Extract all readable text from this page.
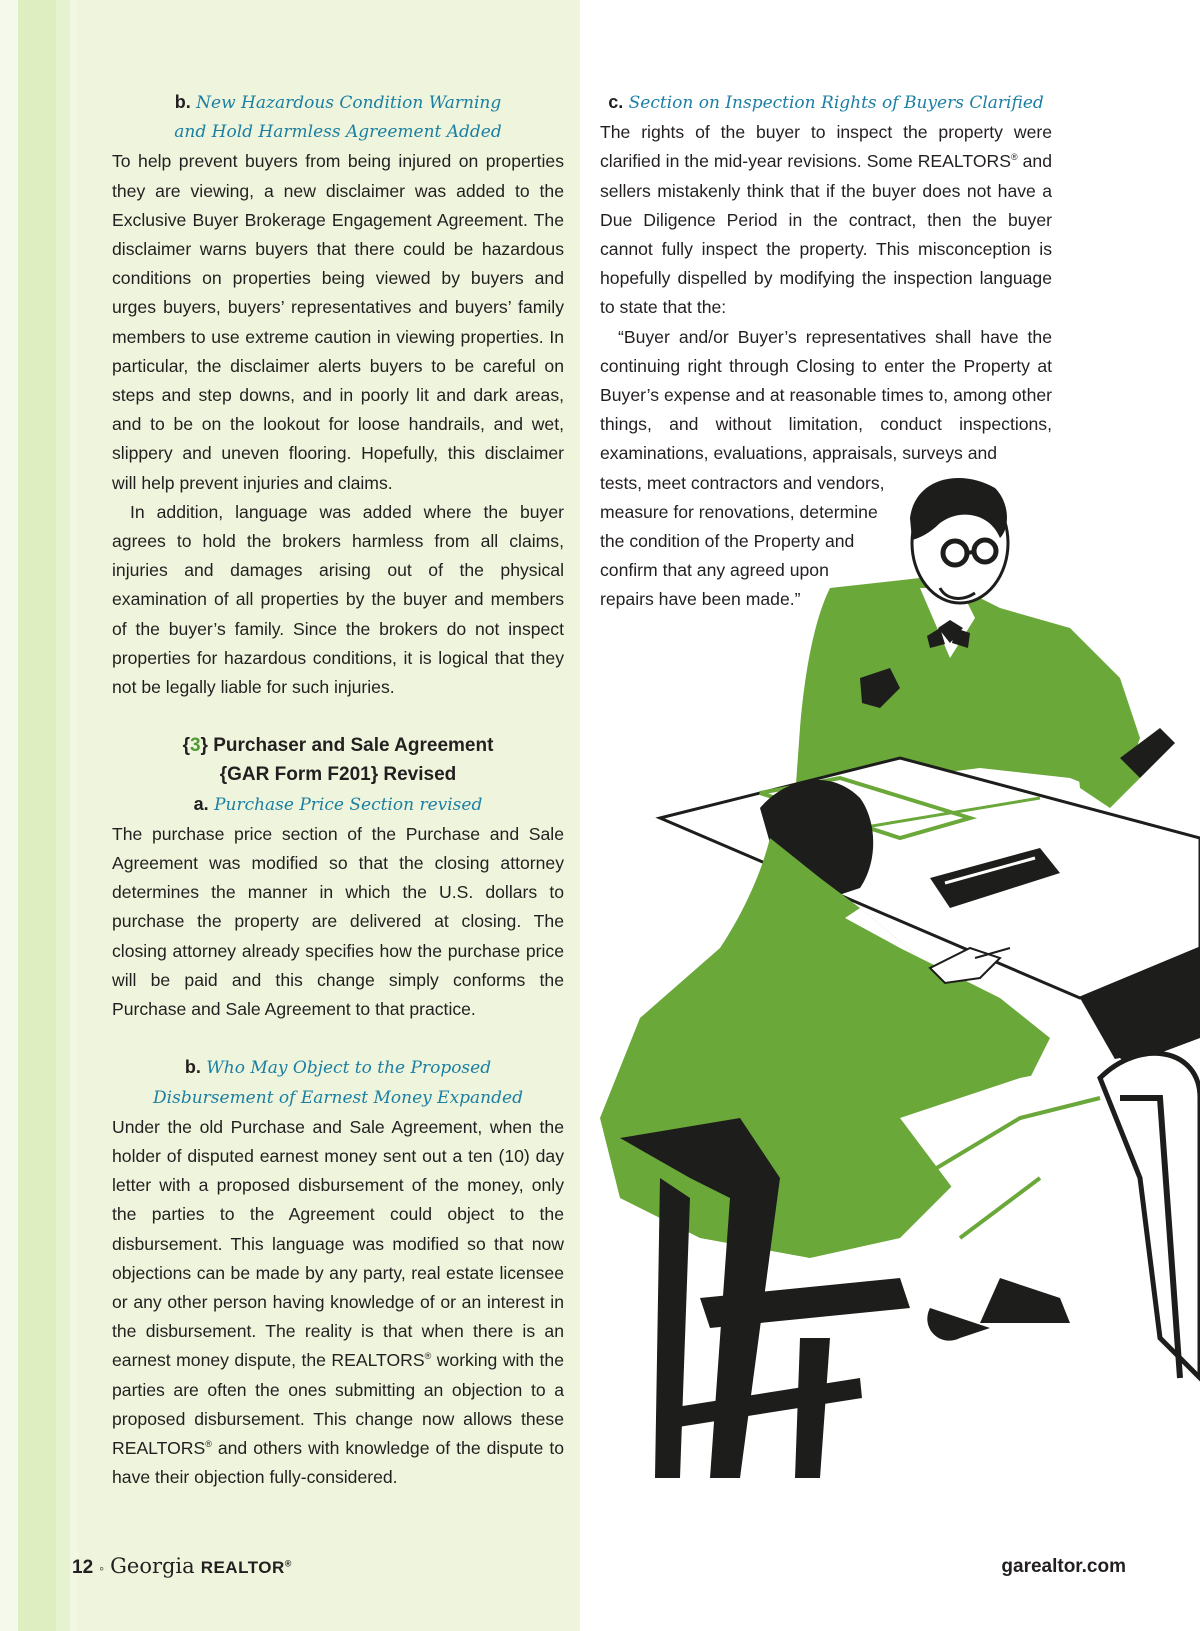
b. New Hazardous Condition Warning
and Hold Harmless Agreement Added

To help prevent buyers from being injured on properties they are viewing, a new disclaimer was added to the Exclusive Buyer Brokerage Engagement Agreement. The disclaimer warns buyers that there could be hazardous conditions on properties being viewed by buyers and urges buyers, buyers’ representatives and buyers’ family members to use extreme caution in viewing properties. In particular, the disclaimer alerts buyers to be careful on steps and step downs, and in poorly lit and dark areas, and to be on the lookout for loose handrails, and wet, slippery and uneven flooring. Hopefully, this disclaimer will help prevent injuries and claims.

In addition, language was added where the buyer agrees to hold the brokers harmless from all claims, injuries and damages arising out of the physical examination of all properties by the buyer and members of the buyer’s family. Since the brokers do not inspect properties for hazardous conditions, it is logical that they not be legally liable for such injuries.

{3} Purchaser and Sale Agreement
{GAR Form F201} Revised
a. Purchase Price Section revised

The purchase price section of the Purchase and Sale Agreement was modified so that the closing attorney determines the manner in which the U.S. dollars to purchase the property are delivered at closing. The closing attorney already specifies how the purchase price will be paid and this change simply conforms the Purchase and Sale Agreement to that practice.

b. Who May Object to the Proposed
Disbursement of Earnest Money Expanded

Under the old Purchase and Sale Agreement, when the holder of disputed earnest money sent out a ten (10) day letter with a proposed disbursement of the money, only the parties to the Agreement could object to the disbursement. This language was modified so that now objections can be made by any party, real estate licensee or any other person having knowledge of or an interest in the disbursement. The reality is that when there is an earnest money dispute, the REALTORS® working with the parties are often the ones submitting an objection to a proposed disbursement. This change now allows these REALTORS® and others with knowledge of the dispute to have their objection fully-considered.

c. Section on Inspection Rights of Buyers Clarified

The rights of the buyer to inspect the property were clarified in the mid-year revisions. Some REALTORS® and sellers mistakenly think that if the buyer does not have a Due Diligence Period in the contract, then the buyer cannot fully inspect the property. This misconception is hopefully dispelled by modifying the inspection language to state that the:

“Buyer and/or Buyer’s representatives shall have the continuing right through Closing to enter the Property at Buyer’s expense and at reasonable times to, among other things, and without limitation, conduct inspections, examinations, evaluations, appraisals, surveys and

tests, meet contractors and vendors,
measure for renovations, determine
the condition of the Property and
confirm that any agreed upon
repairs have been made.”
12 ◦ Georgia REALTOR®	garealtor.com
